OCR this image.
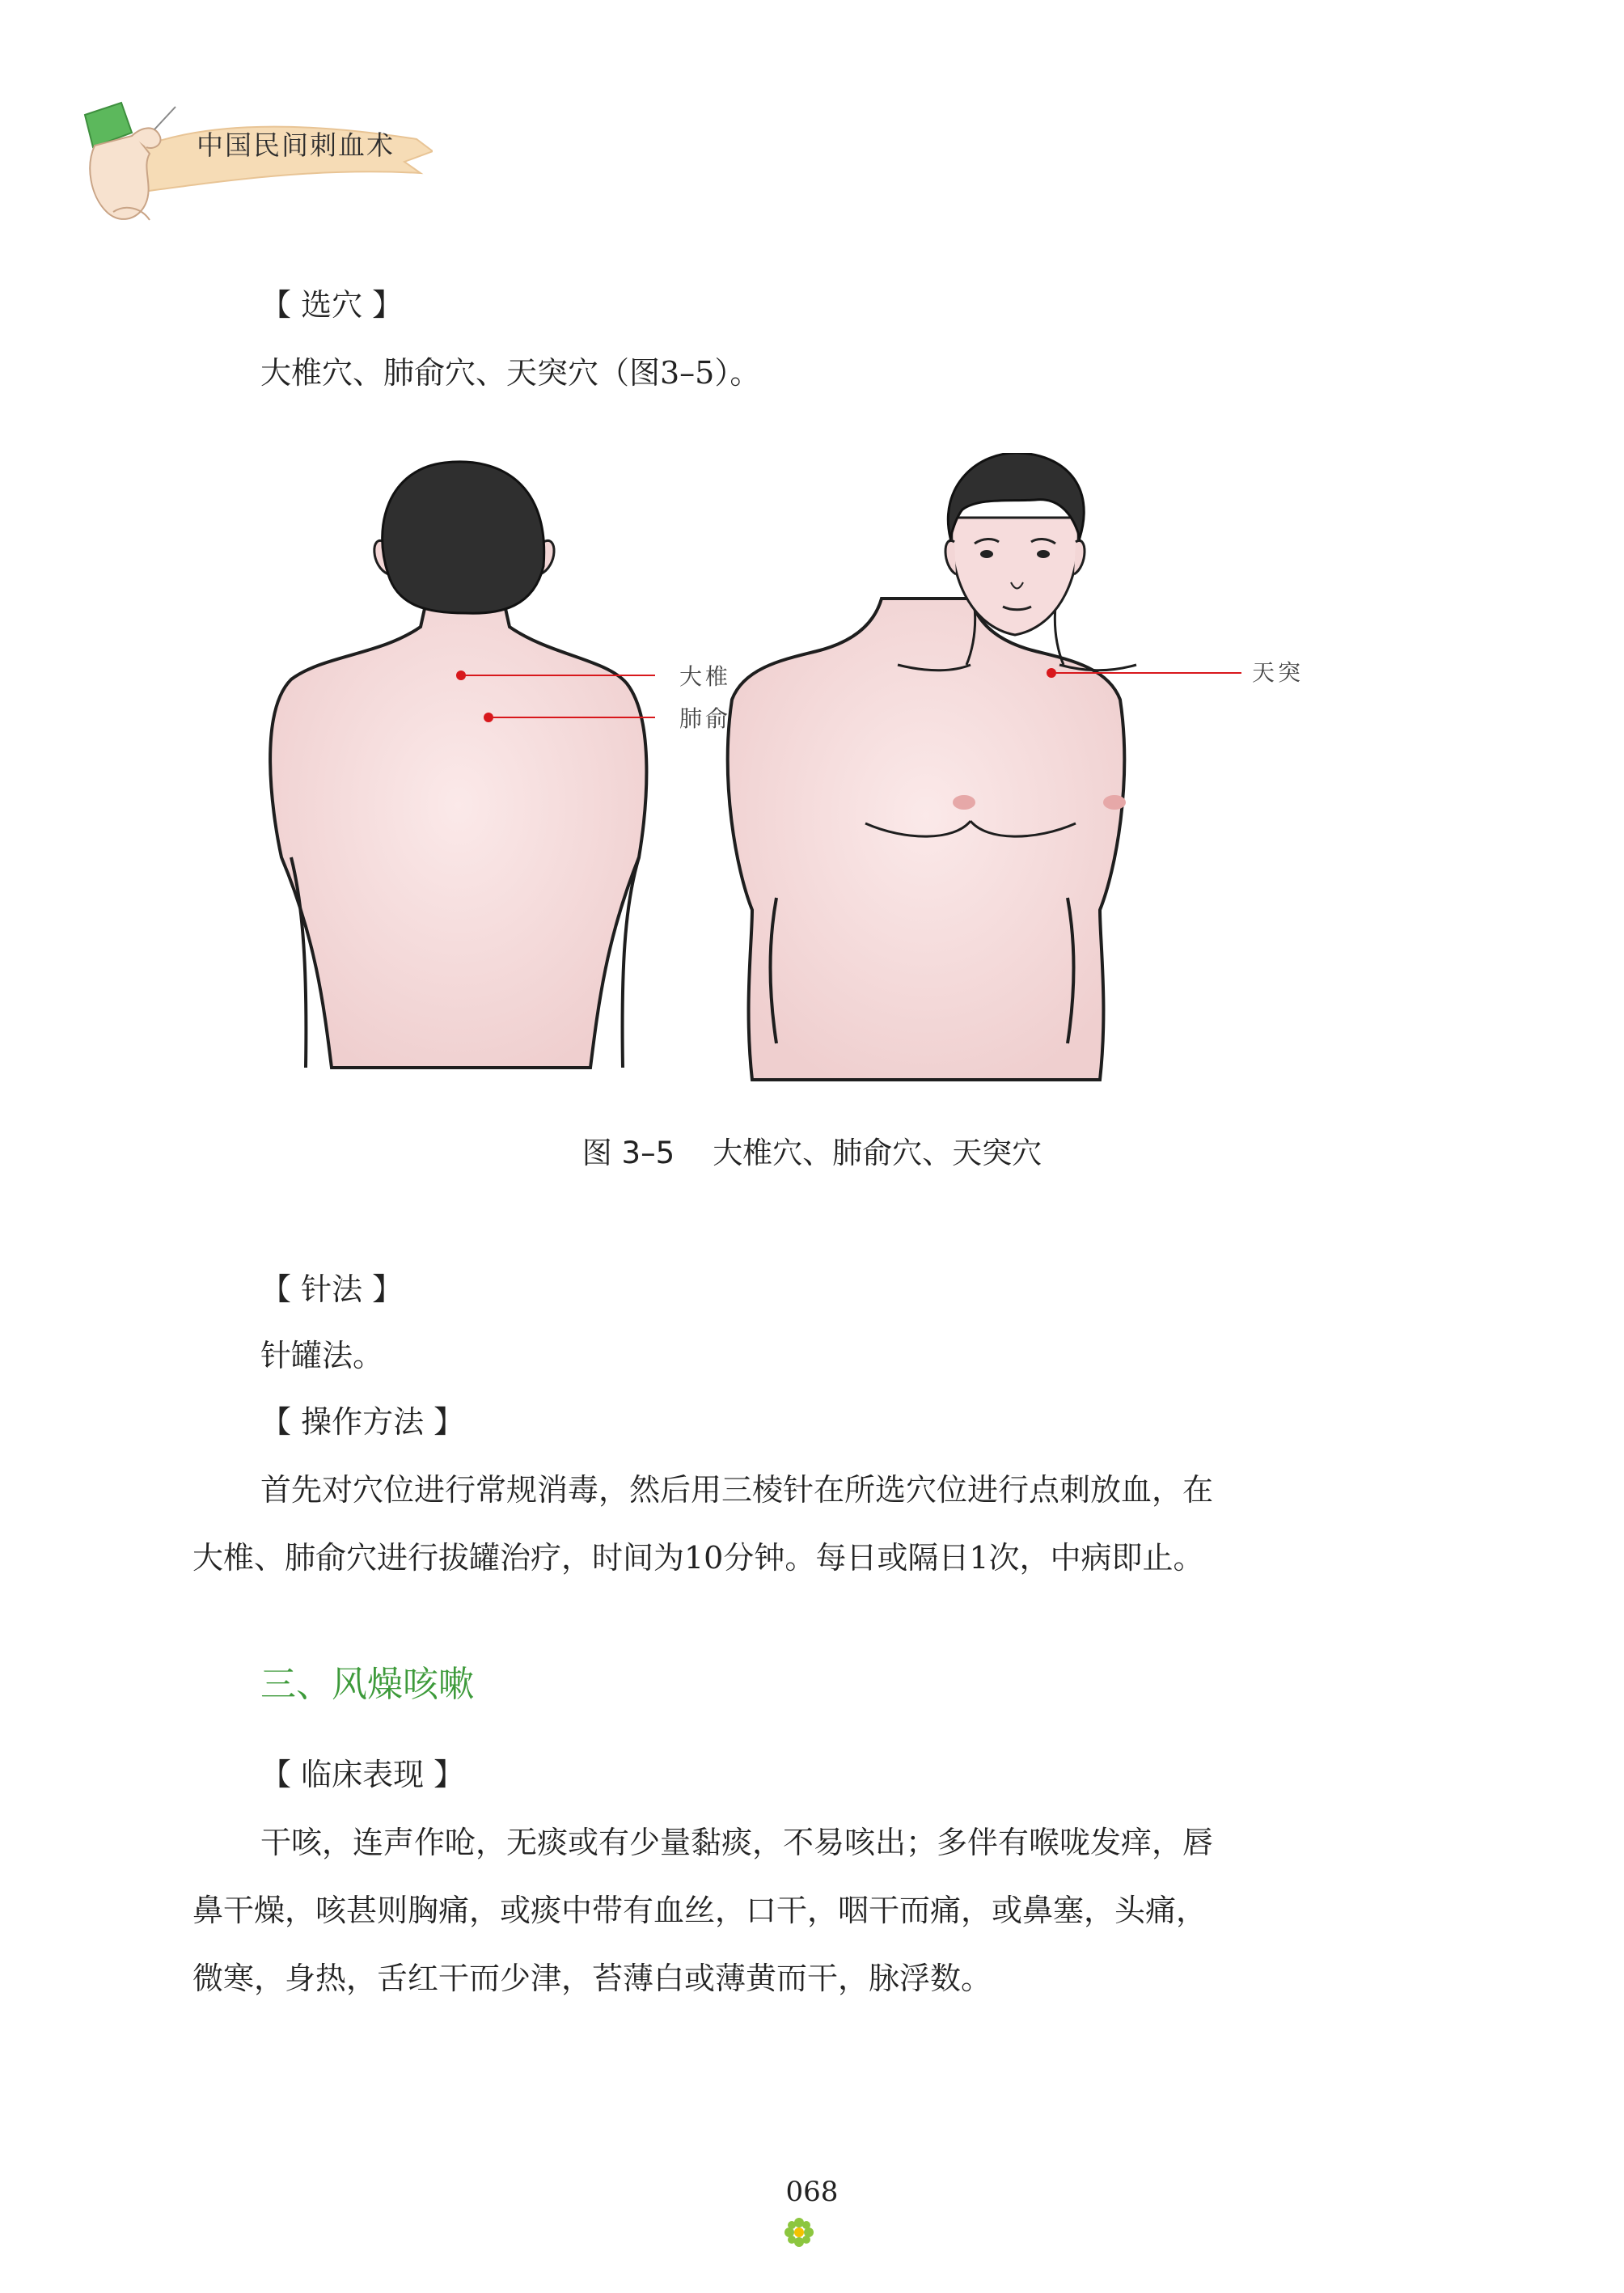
中国民间刺血术
【 选穴 】
大椎穴、肺俞穴、天突穴（图3–5）。
大椎
肺俞
天突
图 3–5 大椎穴、肺俞穴、天突穴
【 针法 】
针罐法。
【 操作方法 】
首先对穴位进行常规消毒，然后用三棱针在所选穴位进行点刺放血，在
大椎、肺俞穴进行拔罐治疗，时间为10分钟。每日或隔日1次，中病即止。
三、风燥咳嗽
【 临床表现 】
干咳，连声作呛，无痰或有少量黏痰，不易咳出；多伴有喉咙发痒，唇
鼻干燥，咳甚则胸痛，或痰中带有血丝，口干，咽干而痛，或鼻塞，头痛，
微寒，身热，舌红干而少津，苔薄白或薄黄而干，脉浮数。
068
